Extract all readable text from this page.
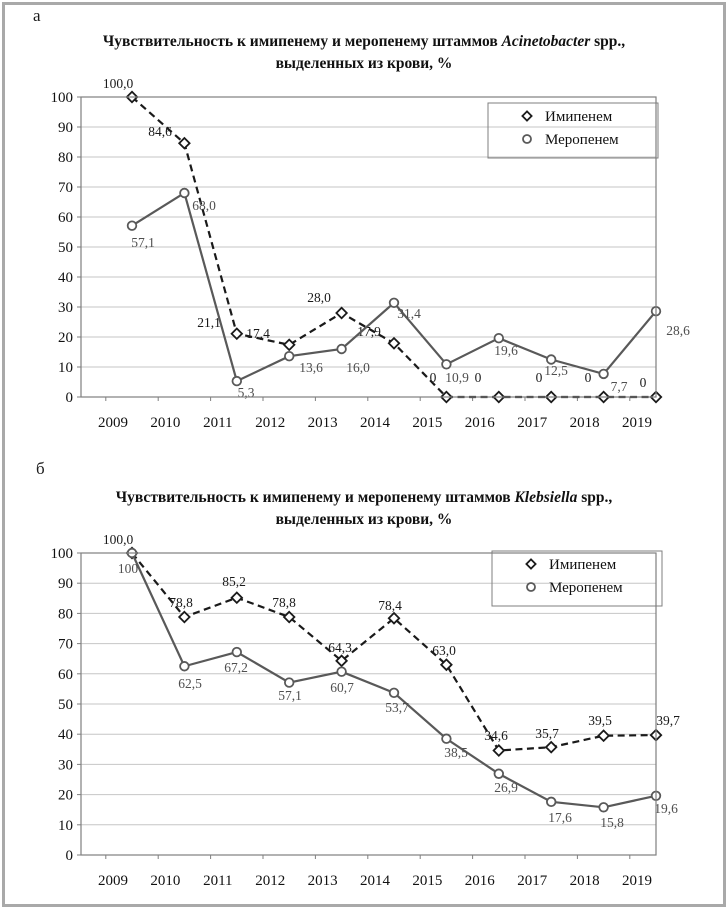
а
Чувствительность к имипенему и меропенему штаммов Acinetobacter spp.,
выделенных из крови, %
б
Чувствительность к имипенему и меропенему штаммов Klebsiella spp.,
выделенных из крови, %
0
10
20
30
40
50
60
70
80
90
100
2009 2010 2011 2012 2013 2014 2015 2016 2017 2018 2019
100,0
84,6
21,1
17,4
28,0
17,9
0	0	0	0	0
57,1
68,0
5,3
13,6 16,0
31,4
10,9
19,6
12,5
7,7
28,6
Имипенем
Меропенем
0
10
20
30
40
50
60
70
80
90
100
2009 2010 2011 2012 2013 2014 2015 2016 2017 2018 2019
100,0
78,8
85,2
78,8
64,3
78,4
63,0
34,6 35,7
39,5	39,7
100
62,5
67,2
57,1
60,7
53,7
38,5
26,9
17,6 15,8
19,6
Имипенем
Меропенем
